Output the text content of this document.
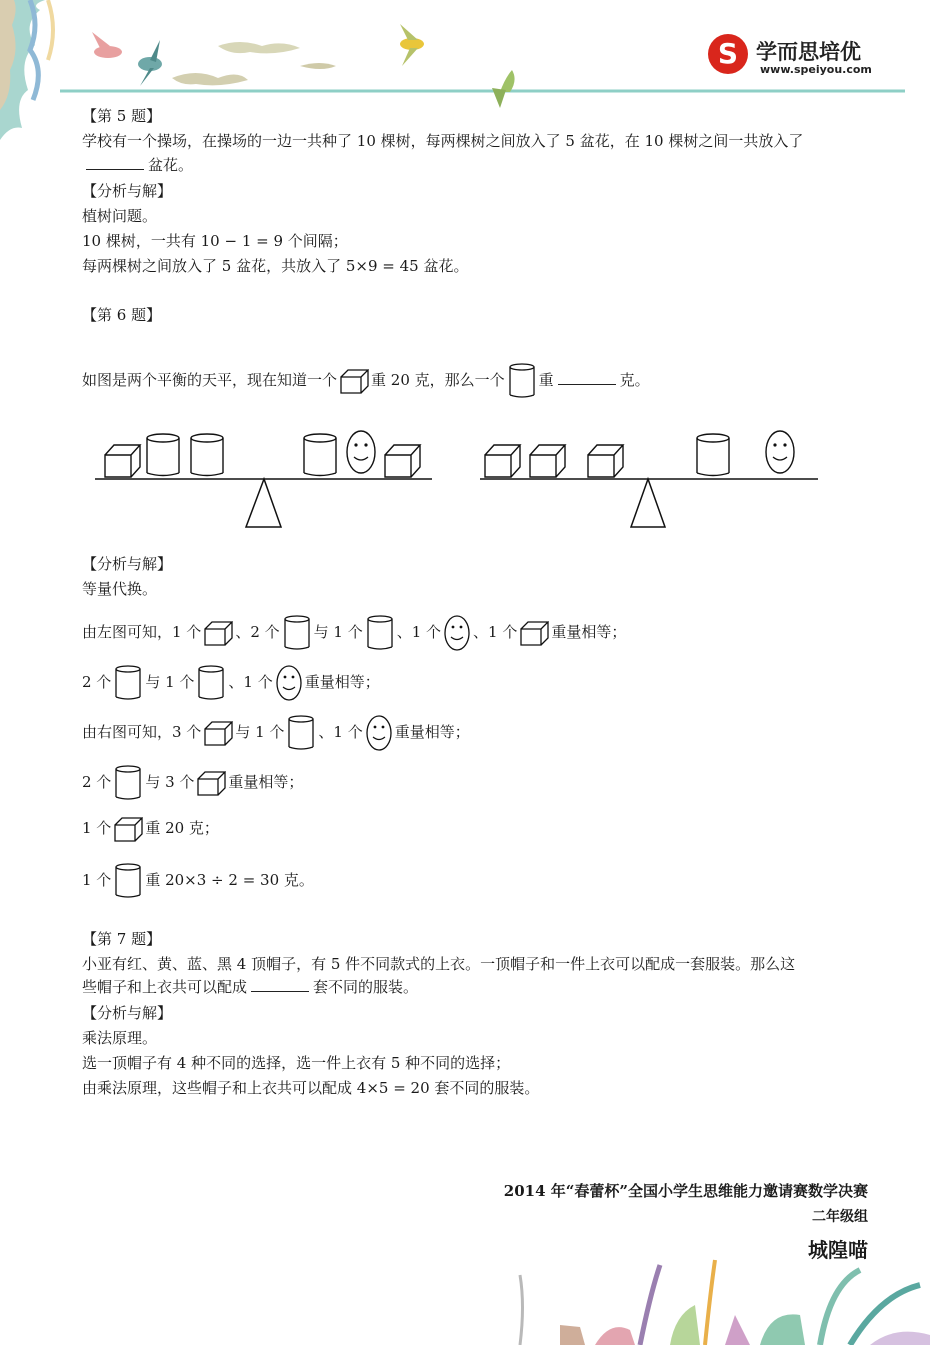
S 学而思培优
www.speiyou.com
【第 5 题】
学校有一个操场，在操场的一边一共种了 10 棵树，每两棵树之间放入了 5 盆花，在 10 棵树之间一共放入了
盆花。
【分析与解】
植树问题。
10 棵树，一共有 10 − 1 = 9 个间隔；
每两棵树之间放入了 5 盆花，共放入了 5×9 = 45 盆花。
【第 6 题】
如图是两个平衡的天平，现在知道一个 重 20 克，那么一个 重	克。
【分析与解】
等量代换。
由左图可知，1 个 、2 个 与 1 个 、1 个 、1 个 重量相等；
2 个 与 1 个 、1 个 重量相等；
由右图可知，3 个 与 1 个 、1 个 重量相等；
2 个 与 3 个 重量相等；
1 个 重 20 克；
1 个 重 20×3 ÷ 2 = 30 克。
【第 7 题】
小亚有红、黄、蓝、黑 4 顶帽子，有 5 件不同款式的上衣。一顶帽子和一件上衣可以配成一套服装。那么这
些帽子和上衣共可以配成	套不同的服装。
【分析与解】
乘法原理。
选一顶帽子有 4 种不同的选择，选一件上衣有 5 种不同的选择；
由乘法原理，这些帽子和上衣共可以配成 4×5 = 20 套不同的服装。
2014 年“春蕾杯”全国小学生思维能力邀请赛数学决赛
二年级组
城隍喵
